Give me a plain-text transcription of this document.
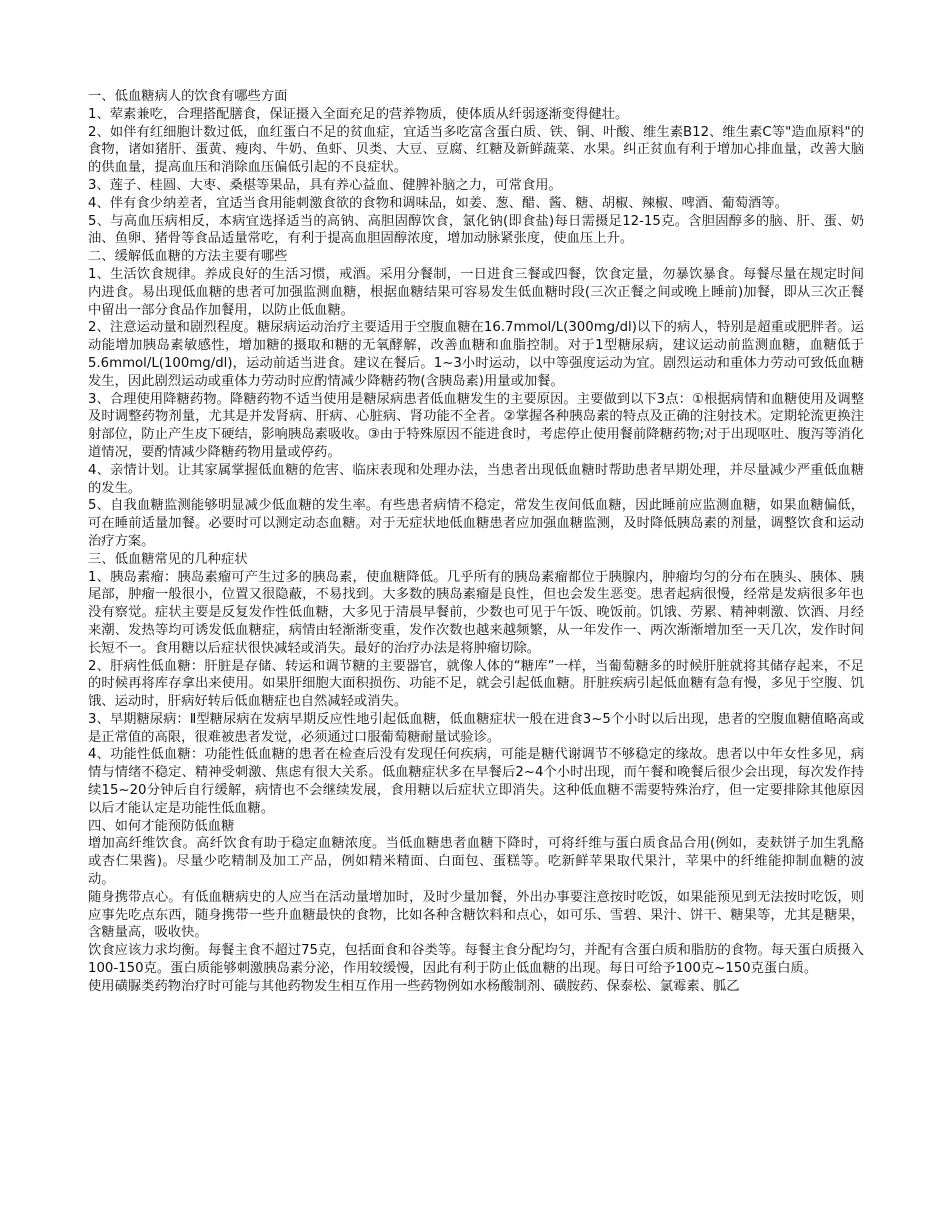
一、低血糖病人的饮食有哪些方面

1、荤素兼吃，合理搭配膳食，保证摄入全面充足的营养物质，使体质从纤弱逐渐变得健壮。

2、如伴有红细胞计数过低，血红蛋白不足的贫血症，宜适当多吃富含蛋白质、铁、铜、叶酸、维生素B12、维生素C等"造血原料"的食物，诸如猪肝、蛋黄、瘦肉、牛奶、鱼虾、贝类、大豆、豆腐、红糖及新鲜蔬菜、水果。纠正贫血有利于增加心排血量，改善大脑的供血量，提高血压和消除血压偏低引起的不良症状。

3、莲子、桂圆、大枣、桑椹等果品，具有养心益血、健脾补脑之力，可常食用。

4、伴有食少纳差者，宜适当食用能刺激食欲的食物和调味品，如姜、葱、醋、酱、糖、胡椒、辣椒、啤酒、葡萄酒等。

5、与高血压病相反，本病宜选择适当的高钠、高胆固醇饮食，氯化钠(即食盐)每日需摄足12-15克。含胆固醇多的脑、肝、蛋、奶油、鱼卵、猪骨等食品适量常吃，有利于提高血胆固醇浓度，增加动脉紧张度，使血压上升。

二、缓解低血糖的方法主要有哪些

1、生活饮食规律。养成良好的生活习惯，戒酒。采用分餐制，一日进食三餐或四餐，饮食定量，勿暴饮暴食。每餐尽量在规定时间内进食。易出现低血糖的患者可加强监测血糖，根据血糖结果可容易发生低血糖时段(三次正餐之间或晚上睡前)加餐，即从三次正餐中留出一部分食品作加餐用，以防止低血糖。

2、注意运动量和剧烈程度。糖尿病运动治疗主要适用于空腹血糖在16.7mmol/L(300mg/dl)以下的病人，特别是超重或肥胖者。运动能增加胰岛素敏感性，增加糖的摄取和糖的无氧酵解，改善血糖和血脂控制。对于1型糖尿病，建议运动前监测血糖，血糖低于5.6mmol/L(100mg/dl)，运动前适当进食。建议在餐后。1~3小时运动，以中等强度运动为宜。剧烈运动和重体力劳动可致低血糖发生，因此剧烈运动或重体力劳动时应酌情减少降糖药物(含胰岛素)用量或加餐。

3、合理使用降糖药物。降糖药物不适当使用是糖尿病患者低血糖发生的主要原因。主要做到以下3点：①根据病情和血糖使用及调整及时调整药物剂量，尤其是并发肾病、肝病、心脏病、肾功能不全者。②掌握各种胰岛素的特点及正确的注射技术。定期轮流更换注射部位，防止产生皮下硬结，影响胰岛素吸收。③由于特殊原因不能进食时，考虑停止使用餐前降糖药物;对于出现呕吐、腹泻等消化道情况，要酌情减少降糖药物用量或停药。

4、亲情计划。让其家属掌握低血糖的危害、临床表现和处理办法，当患者出现低血糖时帮助患者早期处理，并尽量减少严重低血糖的发生。

5、自我血糖监测能够明显减少低血糖的发生率。有些患者病情不稳定，常发生夜间低血糖，因此睡前应监测血糖，如果血糖偏低，可在睡前适量加餐。必要时可以测定动态血糖。对于无症状地低血糖患者应加强血糖监测，及时降低胰岛素的剂量，调整饮食和运动治疗方案。

三、低血糖常见的几种症状

1、胰岛素瘤：胰岛素瘤可产生过多的胰岛素，使血糖降低。几乎所有的胰岛素瘤都位于胰腺内，肿瘤均匀的分布在胰头、胰体、胰尾部，肿瘤一般很小，位置又很隐蔽，不易找到。大多数的胰岛素瘤是良性，但也会发生恶变。患者起病很慢，经常是发病很多年也没有察觉。症状主要是反复发作性低血糖，大多见于清晨早餐前，少数也可见于午饭、晚饭前。饥饿、劳累、精神刺激、饮酒、月经来潮、发热等均可诱发低血糖症，病情由轻渐渐变重，发作次数也越来越频繁，从一年发作一、两次渐渐增加至一天几次，发作时间长短不一。食用糖以后症状很快减轻或消失。最好的治疗办法是将肿瘤切除。

2、肝病性低血糖：肝脏是存储、转运和调节糖的主要器官，就像人体的“糖库”一样，当葡萄糖多的时候肝脏就将其储存起来，不足的时候再将库存拿出来使用。如果肝细胞大面积损伤、功能不足，就会引起低血糖。肝脏疾病引起低血糖有急有慢，多见于空腹、饥饿、运动时，肝病好转后低血糖症也自然减轻或消失。

3、早期糖尿病：Ⅱ型糖尿病在发病早期反应性地引起低血糖，低血糖症状一般在进食3~5个小时以后出现，患者的空腹血糖值略高或是正常值的高限，很难被患者发觉，必须通过口服葡萄糖耐量试验诊。

4、功能性低血糖：功能性低血糖的患者在检查后没有发现任何疾病，可能是糖代谢调节不够稳定的缘故。患者以中年女性多见，病情与情绪不稳定、精神受刺激、焦虑有很大关系。低血糖症状多在早餐后2~4个小时出现，而午餐和晚餐后很少会出现，每次发作持续15~20分钟后自行缓解，病情也不会继续发展，食用糖以后症状立即消失。这种低血糖不需要特殊治疗，但一定要排除其他原因以后才能认定是功能性低血糖。

四、如何才能预防低血糖

增加高纤维饮食。高纤饮食有助于稳定血糖浓度。当低血糖患者血糖下降时，可将纤维与蛋白质食品合用(例如，麦麸饼子加生乳酪或杏仁果酱)。尽量少吃精制及加工产品，例如精米精面、白面包、蛋糕等。吃新鲜苹果取代果汁，苹果中的纤维能抑制血糖的波动。

随身携带点心。有低血糖病史的人应当在活动量增加时，及时少量加餐，外出办事要注意按时吃饭，如果能预见到无法按时吃饭，则应事先吃点东西，随身携带一些升血糖最快的食物，比如各种含糖饮料和点心，如可乐、雪碧、果汁、饼干、糖果等，尤其是糖果，含糖量高，吸收快。

饮食应该力求均衡。每餐主食不超过75克，包括面食和谷类等。每餐主食分配均匀，并配有含蛋白质和脂肪的食物。每天蛋白质摄入100-150克。蛋白质能够刺激胰岛素分泌，作用较缓慢，因此有利于防止低血糖的出现。每日可给予100克~150克蛋白质。

使用磺脲类药物治疗时可能与其他药物发生相互作用一些药物例如水杨酸制剂、磺胺药、保泰松、氯霉素、胍乙
